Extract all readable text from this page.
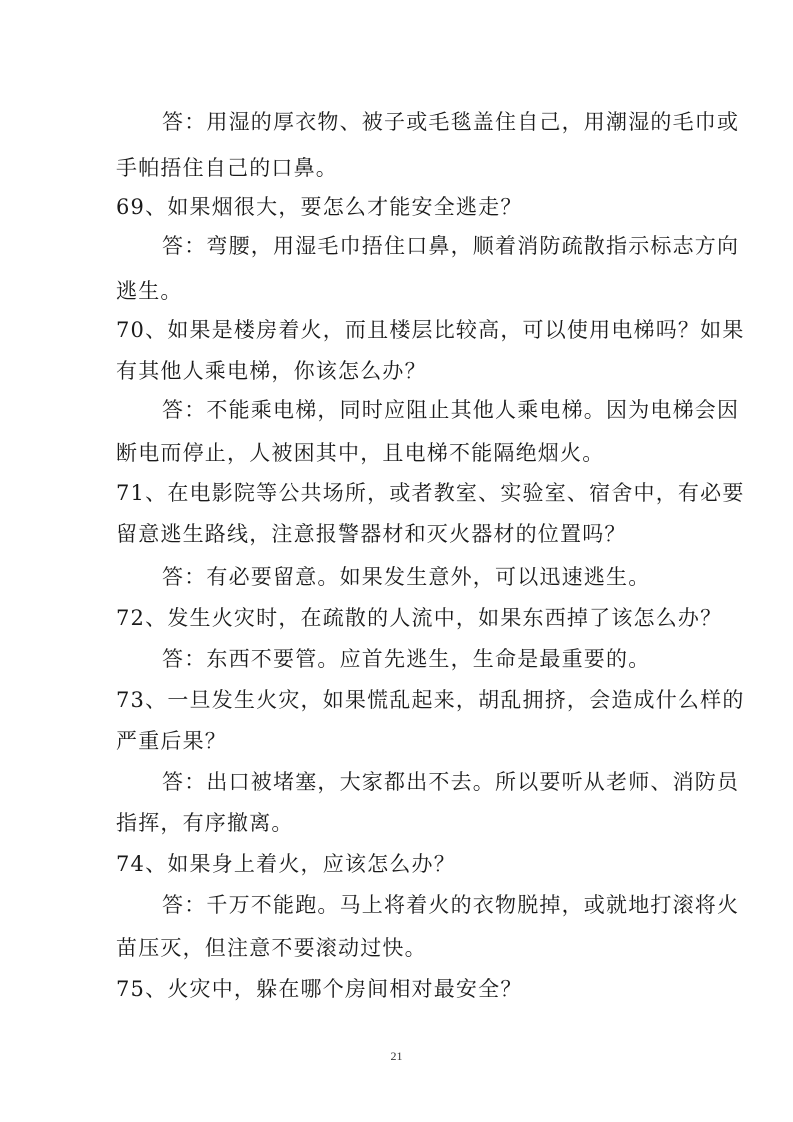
答：用湿的厚衣物、被子或毛毯盖住自己，用潮湿的毛巾或
手帕捂住自己的口鼻。
69、如果烟很大，要怎么才能安全逃走？
答：弯腰，用湿毛巾捂住口鼻，顺着消防疏散指示标志方向
逃生。
70、如果是楼房着火，而且楼层比较高，可以使用电梯吗？如果
有其他人乘电梯，你该怎么办？
答：不能乘电梯，同时应阻止其他人乘电梯。因为电梯会因
断电而停止，人被困其中，且电梯不能隔绝烟火。
71、在电影院等公共场所，或者教室、实验室、宿舍中，有必要
留意逃生路线，注意报警器材和灭火器材的位置吗？
答：有必要留意。如果发生意外，可以迅速逃生。
72、发生火灾时，在疏散的人流中，如果东西掉了该怎么办？
答：东西不要管。应首先逃生，生命是最重要的。
73、一旦发生火灾，如果慌乱起来，胡乱拥挤，会造成什么样的
严重后果？
答：出口被堵塞，大家都出不去。所以要听从老师、消防员
指挥，有序撤离。
74、如果身上着火，应该怎么办？
答：千万不能跑。马上将着火的衣物脱掉，或就地打滚将火
苗压灭，但注意不要滚动过快。
75、火灾中，躲在哪个房间相对最安全？
21
